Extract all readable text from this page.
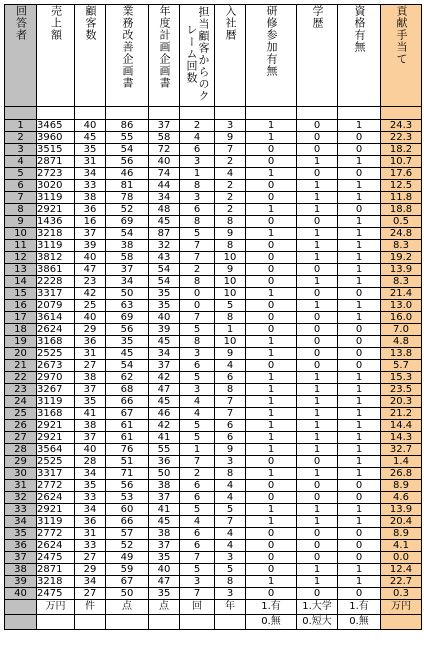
回答者	売上額	顧客数	業務改善企画書	年度計画企画書	担当顧客からのクレーム回数	入社暦	研修参加有無	学歴	資格有無	貢献手当て

1	3465	40	86	37	2	3	1	0	1	24.3
2	3960	45	55	58	4	9	1	0	0	22.3
3	3515	35	54	72	6	7	0	0	0	18.2
4	2871	31	56	40	3	2	0	1	1	10.7
5	2723	34	46	74	1	4	1	0	0	17.6
6	3020	33	81	44	8	2	0	1	1	12.5
7	3119	38	78	34	3	2	0	1	1	11.8
8	2921	36	52	48	6	2	1	1	0	18.8
9	1436	16	69	45	8	8	0	0	1	0.5
10	3218	37	54	87	5	9	1	1	1	24.8
11	3119	39	38	32	7	8	0	1	1	8.3
12	3812	40	58	43	7	10	0	1	1	19.2
13	3861	47	37	54	2	9	0	0	1	13.9
14	2228	23	34	54	8	10	0	1	1	8.3
15	3317	42	50	35	0	10	1	0	0	21.4
16	2079	25	63	35	0	5	0	1	1	13.0
17	3614	40	69	40	7	8	0	0	1	16.0
18	2624	29	56	39	5	1	0	0	0	7.0
19	3168	36	35	45	8	10	1	0	0	4.8
20	2525	31	45	34	3	9	1	0	0	13.8
21	2673	27	54	37	6	4	0	0	0	5.7
22	2970	38	62	42	5	6	1	1	1	15.3
23	3267	37	68	47	3	8	1	1	1	23.5
24	3119	35	66	45	4	7	1	1	1	20.3
25	3168	41	67	46	4	7	1	1	1	21.2
26	2921	38	61	42	5	6	1	1	1	14.4
27	2921	37	61	41	5	6	1	1	1	14.3
28	3564	40	76	55	1	9	1	1	1	32.7
29	2525	28	51	36	7	3	0	0	1	1.4
30	3317	34	71	50	2	8	1	1	1	26.8
31	2772	35	56	38	6	4	0	0	0	8.9
32	2624	33	53	37	6	4	0	0	0	4.6
33	2921	34	60	41	5	5	1	1	1	13.9
34	3119	36	66	45	4	7	1	1	1	20.4
35	2772	31	57	38	6	4	0	0	0	8.9
36	2624	33	52	37	6	4	0	0	0	4.1
37	2475	27	49	35	7	3	0	0	0	0.0
38	2871	29	59	40	5	5	0	1	1	12.4
39	3218	34	67	47	3	8	1	1	1	22.7
40	2475	27	50	35	7	3	0	0	0	0.3
	万円	件	点	点	回	年	1.有	1.大学	1.有	万円
							0.無	0.短大	0.無	
